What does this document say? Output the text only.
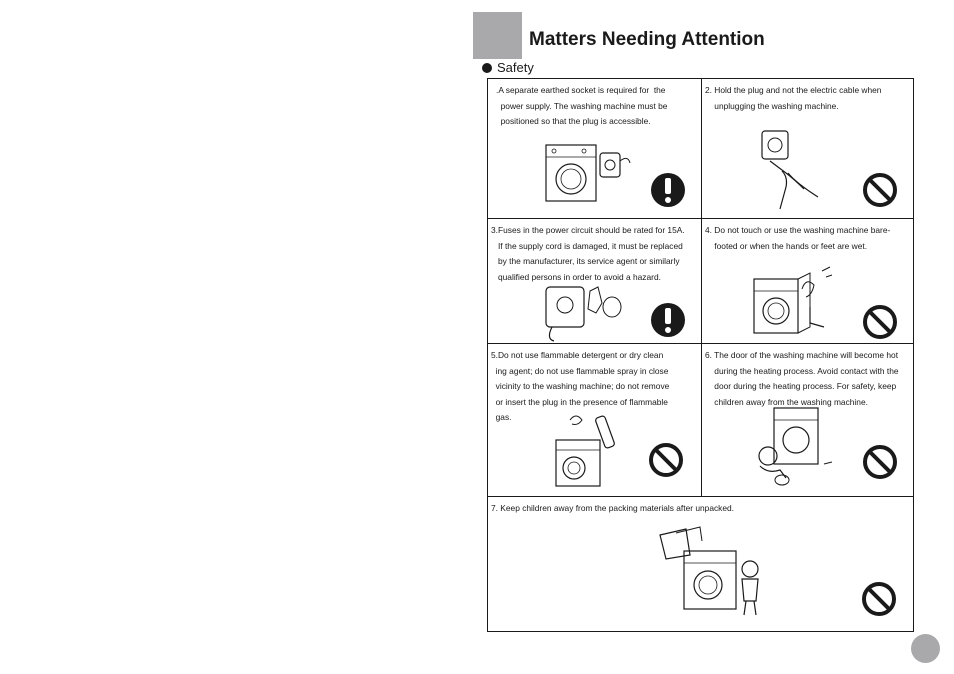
Matters Needing Attention
Safety
.A separate earthed socket is required for  the
power supply. The washing machine must be
positioned so that the plug is accessible.
2. Hold the plug and not the electric cable when
unplugging the washing machine.
3.Fuses in the power circuit should be rated for 15A.
If the supply cord is damaged, it must be replaced
by the manufacturer, its service agent or similarly
qualified persons in order to avoid a hazard.
4. Do not touch or use the washing machine bare-
footed or when the hands or feet are wet.
5.Do not use flammable detergent or dry clean
ing agent; do not use flammable spray in close
vicinity to the washing machine; do not remove
or insert the plug in the presence of flammable
gas.
6. The door of the washing machine will become hot
during the heating process. Avoid contact with the
door during the heating process. For safety, keep
children away from the washing machine.
7. Keep children away from the packing materials after unpacked.
